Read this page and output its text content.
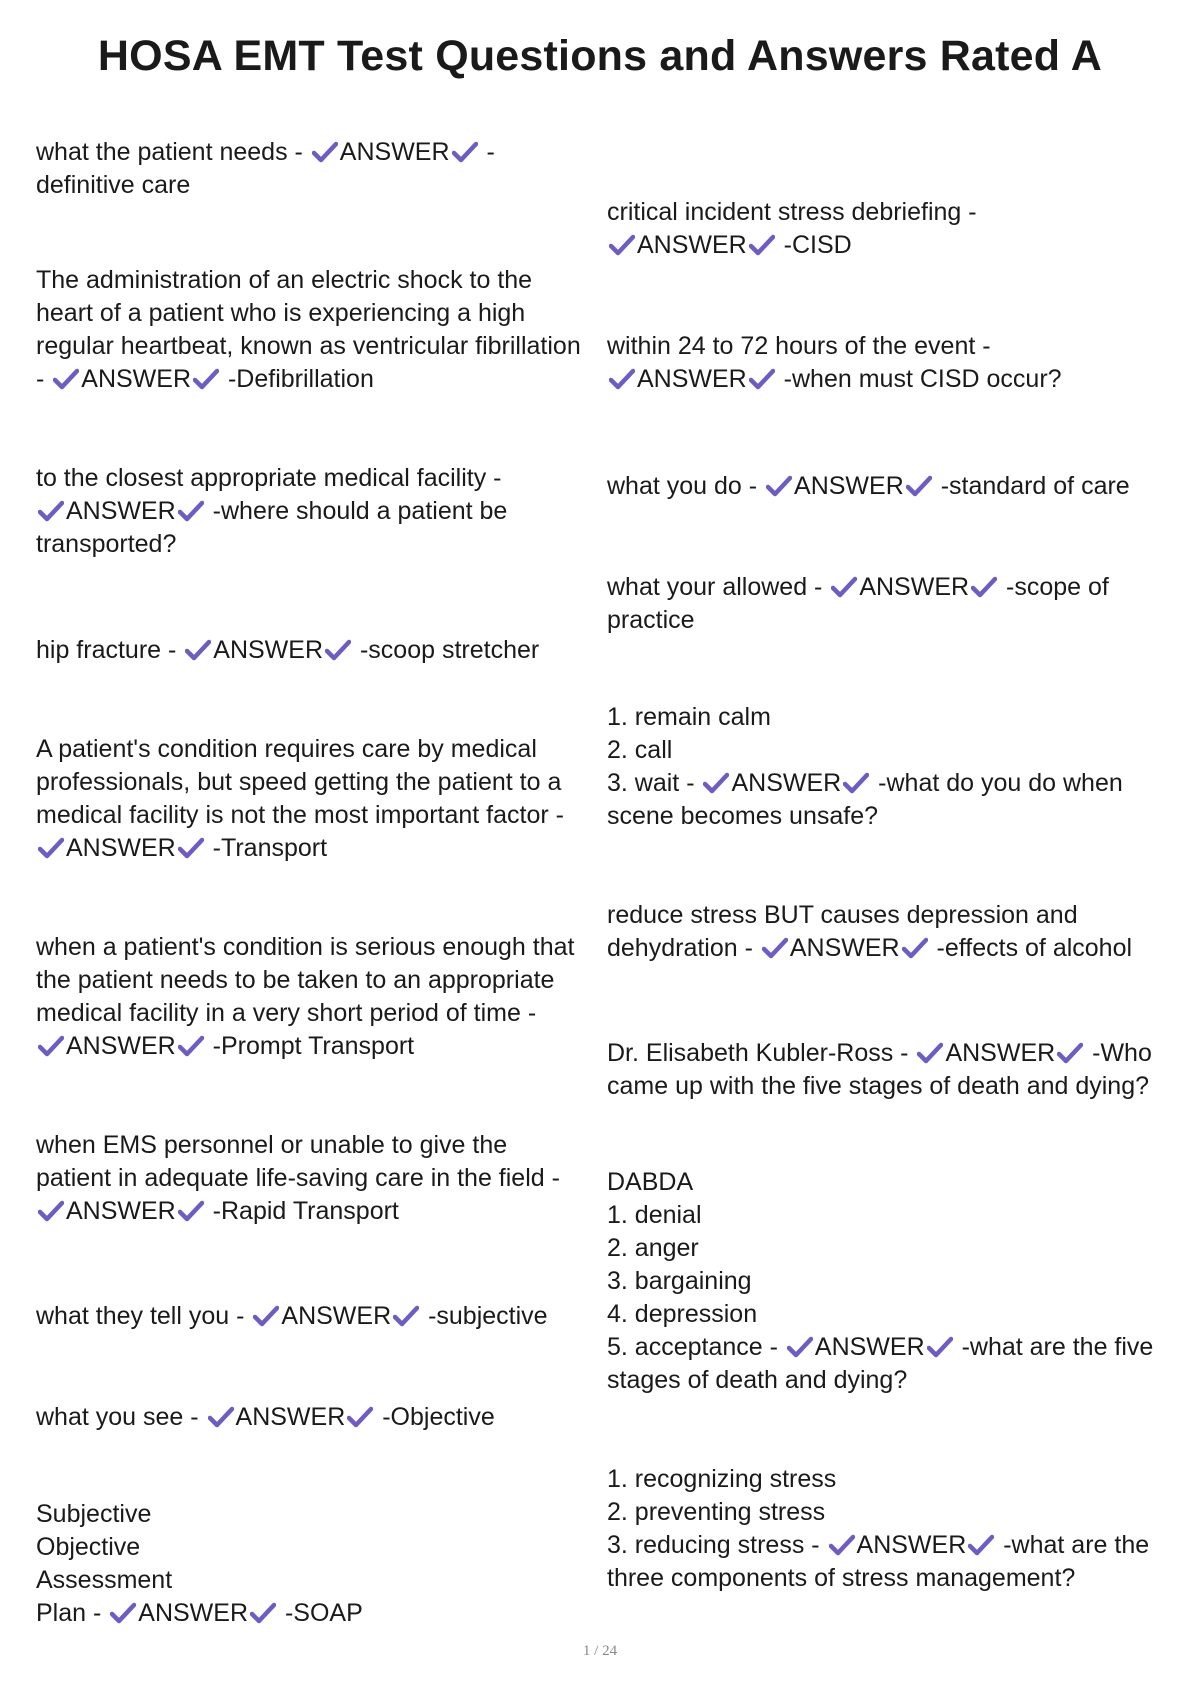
HOSA EMT Test Questions and Answers Rated A
what the patient needs - ANSWER -
definitive care
The administration of an electric shock to the
heart of a patient who is experiencing a high
regular heartbeat, known as ventricular fibrillation
- ANSWER -Defibrillation
to the closest appropriate medical facility -
ANSWER -where should a patient be
transported?
hip fracture - ANSWER -scoop stretcher
A patient's condition requires care by medical
professionals, but speed getting the patient to a
medical facility is not the most important factor -
ANSWER -Transport
when a patient's condition is serious enough that
the patient needs to be taken to an appropriate
medical facility in a very short period of time -
ANSWER -Prompt Transport
when EMS personnel or unable to give the
patient in adequate life-saving care in the field -
ANSWER -Rapid Transport
what they tell you - ANSWER -subjective
what you see - ANSWER -Objective
Subjective
Objective
Assessment
Plan - ANSWER -SOAP
critical incident stress debriefing -
ANSWER -CISD
within 24 to 72 hours of the event -
ANSWER -when must CISD occur?
what you do - ANSWER -standard of care
what your allowed - ANSWER -scope of
practice
1. remain calm
2. call
3. wait - ANSWER -what do you do when
scene becomes unsafe?
reduce stress BUT causes depression and
dehydration - ANSWER -effects of alcohol
Dr. Elisabeth Kubler-Ross - ANSWER -Who
came up with the five stages of death and dying?
DABDA
1. denial
2. anger
3. bargaining
4. depression
5. acceptance - ANSWER -what are the five
stages of death and dying?
1. recognizing stress
2. preventing stress
3. reducing stress - ANSWER -what are the
three components of stress management?
1 / 24
